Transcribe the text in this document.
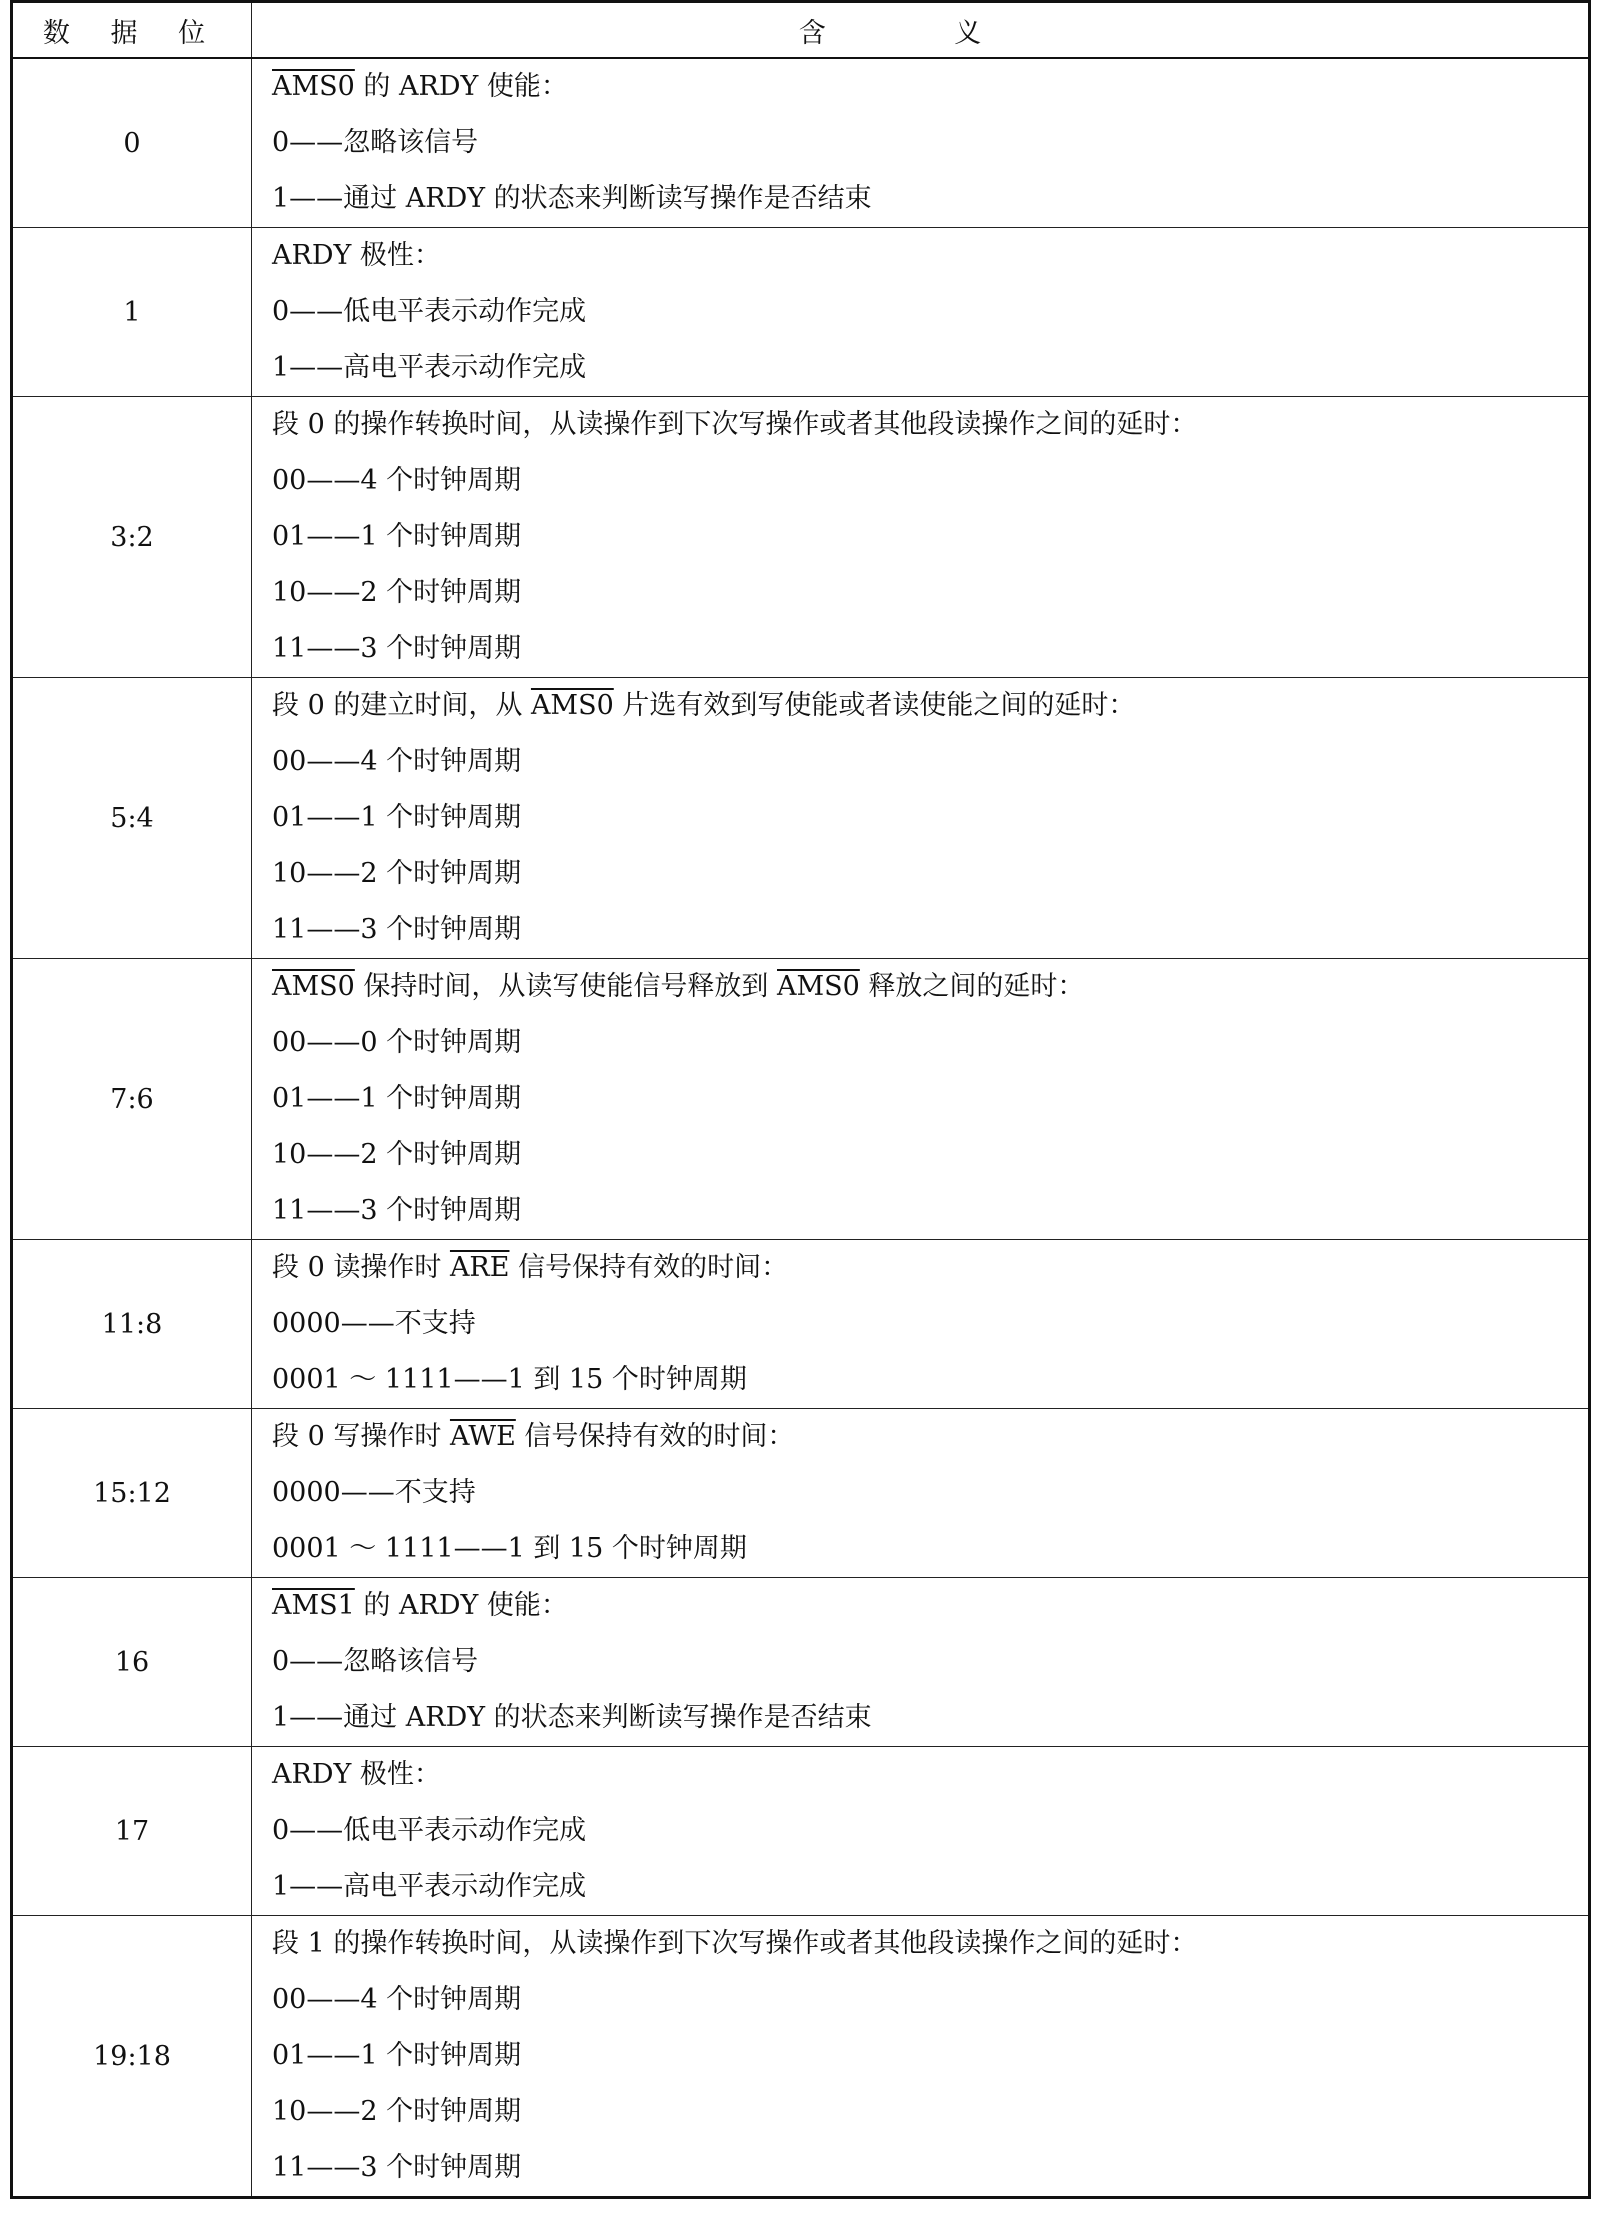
数 据 位	含 义
0	AMS0 的 ARDY 使能：
0——忽略该信号
1——通过 ARDY 的状态来判断读写操作是否结束

1	ARDY 极性：
0——低电平表示动作完成
1——高电平表示动作完成

3:2	段 0 的操作转换时间，从读操作到下次写操作或者其他段读操作之间的延时：
00——4 个时钟周期
01——1 个时钟周期
10——2 个时钟周期
11——3 个时钟周期

5:4	段 0 的建立时间，从 AMS0 片选有效到写使能或者读使能之间的延时：
00——4 个时钟周期
01——1 个时钟周期
10——2 个时钟周期
11——3 个时钟周期

7:6	AMS0 保持时间，从读写使能信号释放到 AMS0 释放之间的延时：
00——0 个时钟周期
01——1 个时钟周期
10——2 个时钟周期
11——3 个时钟周期

11:8	段 0 读操作时 $\overline{ARE}$ 信号保持有效的时间：
0000——不支持
0001 ～ 1111——1 到 15 个时钟周期

15:12	段 0 写操作时 $\overline{AWE}$ 信号保持有效的时间：
0000——不支持
0001 ～ 1111——1 到 15 个时钟周期

16	AMS1 的 ARDY 使能：
0——忽略该信号
1——通过 ARDY 的状态来判断读写操作是否结束

17	ARDY 极性：
0——低电平表示动作完成
1——高电平表示动作完成

19:18	段 1 的操作转换时间，从读操作到下次写操作或者其他段读操作之间的延时：
00——4 个时钟周期
01——1 个时钟周期
10——2 个时钟周期
11——3 个时钟周期
